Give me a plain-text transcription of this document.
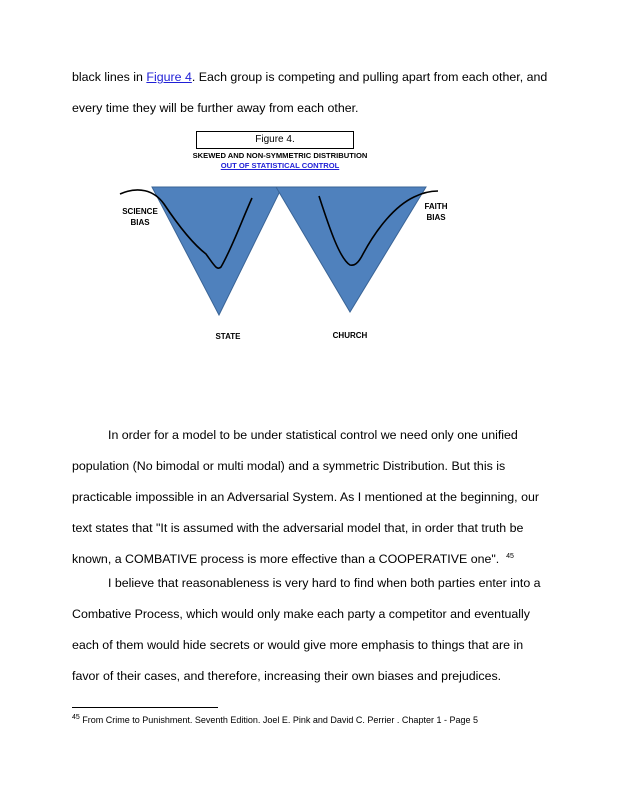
black lines in Figure 4. Each group is competing and pulling apart from each other, and
every time they will be further away from each other.

Figure 4.
SKEWED AND NON-SYMMETRIC DISTRIBUTION
OUT OF STATISTICAL CONTROL
SCIENCE
BIAS
FAITH
BIAS
STATE	CHURCH

In order for a model to be under statistical control we need only one unified population (No bimodal or multi modal) and a symmetric Distribution. But this is practicable impossible in an Adversarial System. As I mentioned at the beginning, our text states that "It is assumed with the adversarial model that, in order that truth be known, a COMBATIVE process is more effective than a COOPERATIVE one". $^{45}$

I believe that reasonableness is very hard to find when both parties enter into a Combative Process, which would only make each party a competitor and eventually each of them would hide secrets or would give more emphasis to things that are in favor of their cases, and therefore, increasing their own biases and prejudices.

$^{45}$ From Crime to Punishment. Seventh Edition. Joel E. Pink and David C. Perrier . Chapter 1 - Page 5
